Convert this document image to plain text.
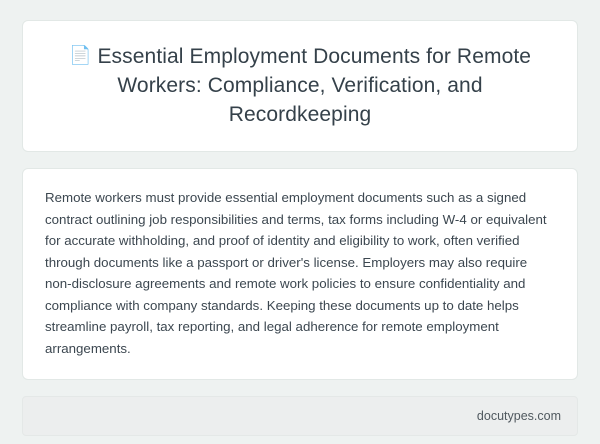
📄 Essential Employment Documents for Remote Workers: Compliance, Verification, and Recordkeeping

Remote workers must provide essential employment documents such as a signed contract outlining job responsibilities and terms, tax forms including W-4 or equivalent for accurate withholding, and proof of identity and eligibility to work, often verified through documents like a passport or driver's license. Employers may also require non-disclosure agreements and remote work policies to ensure confidentiality and compliance with company standards. Keeping these documents up to date helps streamline payroll, tax reporting, and legal adherence for remote employment arrangements.

docutypes.com
